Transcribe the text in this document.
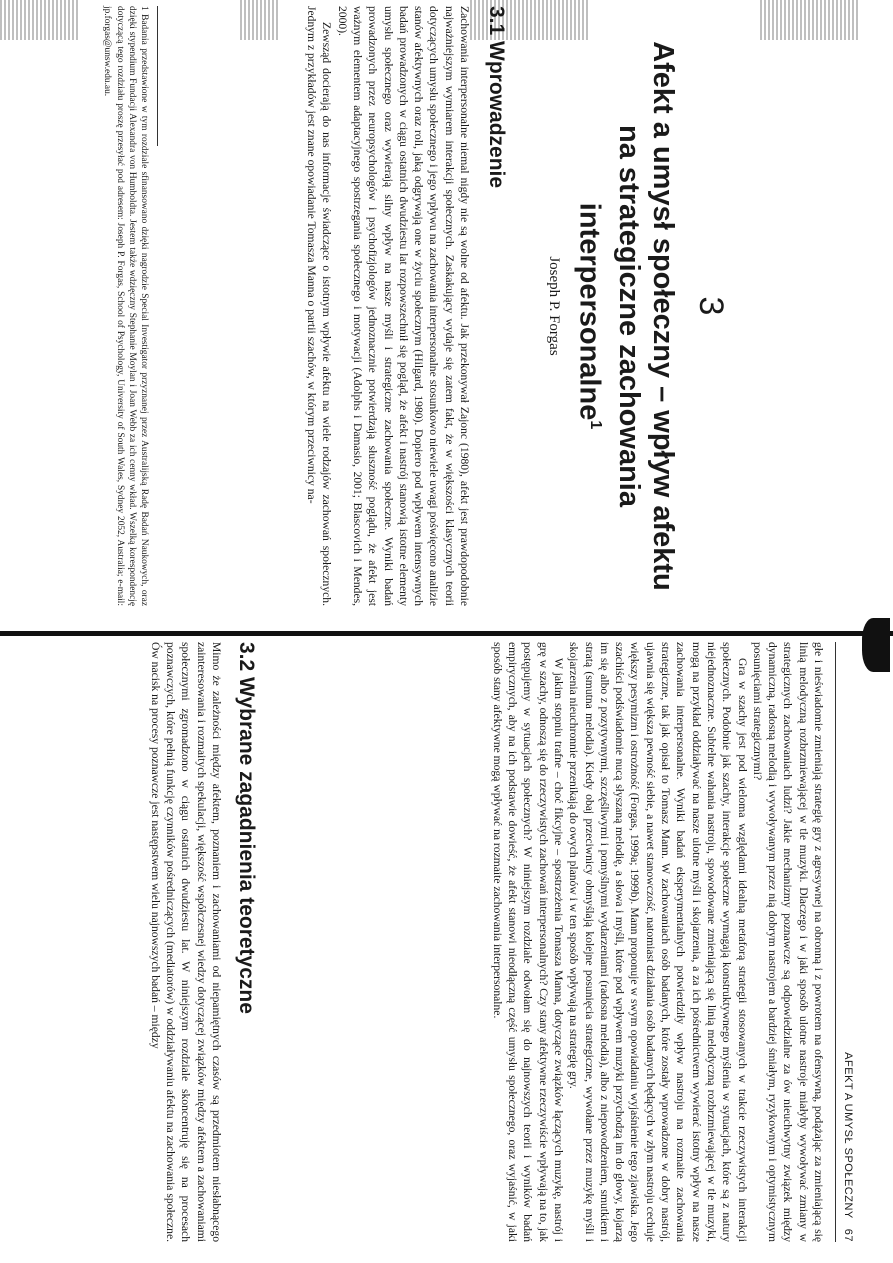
3
Afekt a umysł społeczny – wpływ afektu na strategiczne zachowania interpersonalne$^1$
Joseph P. Forgas
3.1 Wprowadzenie

Zachowania interpersonalne niemal nigdy nie są wolne od afektu. Jak przekonywał Zajonc (1980), afekt jest prawdopodobnie najważniejszym wymiarem interakcji społecznych. Zaskakujący wydaje się zatem fakt, że w większości klasycznych teorii dotyczących umysłu społecznego i jego wpływu na zachowania interpersonalne stosunkowo niewiele uwagi poświęcono analizie stanów afektywnych oraz roli, jaką odgrywają one w życiu społecznym (Hilgard, 1980). Dopiero pod wpływem intensywnych badań prowadzonych w ciągu ostatnich dwudziestu lat rozpowszechnił się pogląd, że afekt i nastrój stanowią istotne elementy umysłu społecznego oraz wywierają silny wpływ na nasze myśli i strategiczne zachowania społeczne. Wyniki badań prowadzonych przez neuropsychologów i psychofizjologów jednoznacznie potwierdzają słuszność poglądu, że afekt jest ważnym elementem adaptacyjnego spostrzegania społecznego i motywacji (Adolphs i Damasio, 2001; Blascovich i Mendes, 2000).

Zewsząd docierają do nas informacje świadczące o istotnym wpływie afektu na wiele rodzajów zachowań społecznych. Jednym z przykładów jest znane opowiadanie Tomasza Manna o partii szachów, w którym przeciwnicy na-

1 Badania przedstawione w tym rozdziale sfinansowano dzięki nagrodzie Special Investigator przyznanej przez Australijską Radę Badań Naukowych, oraz dzięki stypendium Fundacji Alexandra von Humboldta. Jestem także wdzięczny Stephanie Moylan i Joan Webb za ich cenny wkład. Wszelką korespondencję dotyczącą tego rozdziału proszę przesyłać pod adresem: Joseph P. Forgas, School of Psychology, University of South Wales, Sydney 2052, Australia; e-mail: jp.forgas@unsw.edu.au.
AFEKT A UMYSŁ SPOŁECZNY67

głe i nieświadomie zmieniają strategię gry z agresywnej na obronną i z powrotem na ofensywną, podążając za zmieniającą się linią melodyczną rozbrzmiewającej w tle muzyki. Dlaczego i w jaki sposób ulotne nastroje miałyby wywoływać zmiany w strategicznych zachowaniach ludzi? Jakie mechanizmy poznawcze są odpowiedzialne za ów nieuchwytny związek między dynamiczną, radosną melodią i wywoływanym przez nią dobrym nastrojem a bardziej śmiałym, ryzykownym i optymistycznym posunięciami strategicznymi?

Gra w szachy jest pod wieloma względami idealną metaforą strategii stosowanych w trakcie rzeczywistych interakcji społecznych. Podobnie jak szachy, interakcje społeczne wymagają konstruktywnego myślenia w sytuacjach, które są z natury niejednoznaczne. Subtelne wahania nastroju, spowodowane zmieniającą się linią melodyczną rozbrzmiewającej w tle muzyki, mogą na przykład oddziaływać na nasze ulotne myśli i skojarzenia, a za ich pośrednictwem wywierać istotny wpływ na nasze zachowania interpersonalne. Wyniki badań eksperymentalnych potwierdziły wpływ nastroju na rozmaite zachowania strategiczne, tak jak opisał to Tomasz Mann. W zachowaniach osób badanych, które zostały wprowadzone w dobry nastrój, ujawnia się większa pewność siebie, a nawet stanowczość, natomiast działania osób badanych będących w złym nastroju cechuje większy pesymizm i ostrożność (Forgas, 1999a; 1999b). Mann proponuje w swym opowiadaniu wyjaśnienie tego zjawiska. Jego szachiści podświadomie nucą słyszaną melodię, a słowa i myśli, które pod wpływem muzyki przychodzą im do głowy, kojarzą im się albo z pozytywnymi, szczęśliwymi i pomyślnymi wydarzeniami (radosna melodia), albo z niepowodzeniem, smutkiem i stratą (smutna melodia). Kiedy obaj przeciwnicy obmyślają kolejne posunięcia strategiczne, wywołane przez muzykę myśli i skojarzenia nieuchronnie przenikają do owych planów i w ten sposób wpływają na strategię gry.

W jakim stopniu trafne – choć fikcyjne – spostrzeżenia Tomasza Manna, dotyczące związków łączących muzykę, nastrój i grę w szachy, odnoszą się do rzeczywistych zachowań interpersonalnych? Czy stany afektywne rzeczywiście wpływają na to, jak postępujemy w sytuacjach społecznych? W niniejszym rozdziale odwołam się do najnowszych teorii i wyników badań empirycznych, aby na ich podstawie dowieść, że afekt stanowi nieodłączną część umysłu społecznego, oraz wyjaśnić, w jaki sposób stany afektywne mogą wpływać na rozmaite zachowania interpersonalne.

3.2 Wybrane zagadnienia teoretyczne

Mimo że zależności między afektem, poznaniem i zachowaniami od niepamiętnych czasów są przedmiotem niesłabnącego zainteresowania i rozmaitych spekulacji, większość współczesnej wiedzy dotyczącej związków między afektem a zachowaniami społecznymi zgromadzono w ciągu ostatnich dwudziestu lat. W niniejszym rozdziale skoncentruję się na procesach poznawczych, które pełnią funkcję czynników pośredniczących (mediatorów) w oddziaływaniu afektu na zachowania społeczne. Ów nacisk na procesy poznawcze jest następstwem wielu najnowszych badań – między
